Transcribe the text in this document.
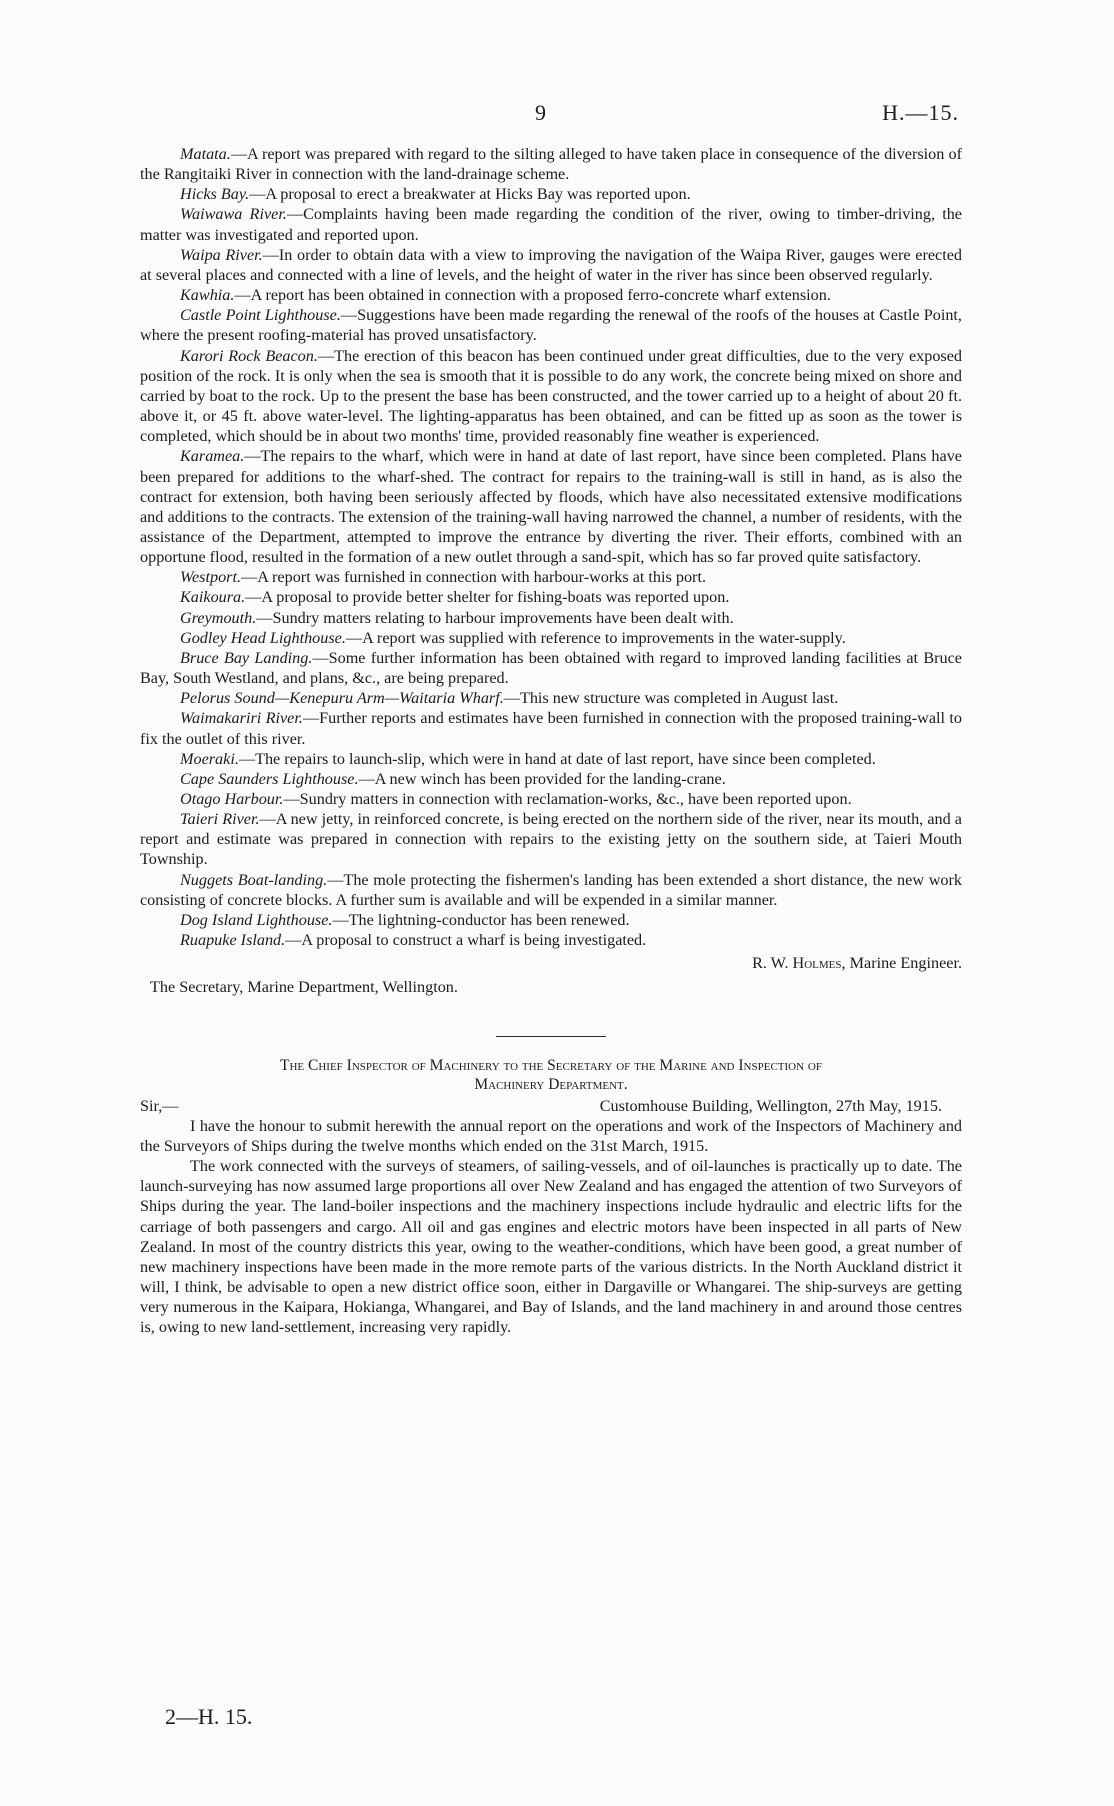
9	H.—15.

Matata.—A report was prepared with regard to the silting alleged to have taken place in consequence of the diversion of the Rangitaiki River in connection with the land-drainage scheme.

Hicks Bay.—A proposal to erect a breakwater at Hicks Bay was reported upon.

Waiwawa River.—Complaints having been made regarding the condition of the river, owing to timber-driving, the matter was investigated and reported upon.

Waipa River.—In order to obtain data with a view to improving the navigation of the Waipa River, gauges were erected at several places and connected with a line of levels, and the height of water in the river has since been observed regularly.

Kawhia.—A report has been obtained in connection with a proposed ferro-concrete wharf extension.

Castle Point Lighthouse.—Suggestions have been made regarding the renewal of the roofs of the houses at Castle Point, where the present roofing-material has proved unsatisfactory.

Karori Rock Beacon.—The erection of this beacon has been continued under great difficulties, due to the very exposed position of the rock. It is only when the sea is smooth that it is possible to do any work, the concrete being mixed on shore and carried by boat to the rock. Up to the present the base has been constructed, and the tower carried up to a height of about 20 ft. above it, or 45 ft. above water-level. The lighting-apparatus has been obtained, and can be fitted up as soon as the tower is completed, which should be in about two months' time, provided reasonably fine weather is experienced.

Karamea.—The repairs to the wharf, which were in hand at date of last report, have since been completed. Plans have been prepared for additions to the wharf-shed. The contract for repairs to the training-wall is still in hand, as is also the contract for extension, both having been seriously affected by floods, which have also necessitated extensive modifications and additions to the contracts. The extension of the training-wall having narrowed the channel, a number of residents, with the assistance of the Department, attempted to improve the entrance by diverting the river. Their efforts, combined with an opportune flood, resulted in the formation of a new outlet through a sand-spit, which has so far proved quite satisfactory.

Westport.—A report was furnished in connection with harbour-works at this port.

Kaikoura.—A proposal to provide better shelter for fishing-boats was reported upon.

Greymouth.—Sundry matters relating to harbour improvements have been dealt with.

Godley Head Lighthouse.—A report was supplied with reference to improvements in the water-supply.

Bruce Bay Landing.—Some further information has been obtained with regard to improved landing facilities at Bruce Bay, South Westland, and plans, &c., are being prepared.

Pelorus Sound—Kenepuru Arm—Waitaria Wharf.—This new structure was completed in August last.

Waimakariri River.—Further reports and estimates have been furnished in connection with the proposed training-wall to fix the outlet of this river.

Moeraki.—The repairs to launch-slip, which were in hand at date of last report, have since been completed.

Cape Saunders Lighthouse.—A new winch has been provided for the landing-crane.

Otago Harbour.—Sundry matters in connection with reclamation-works, &c., have been reported upon.

Taieri River.—A new jetty, in reinforced concrete, is being erected on the northern side of the river, near its mouth, and a report and estimate was prepared in connection with repairs to the existing jetty on the southern side, at Taieri Mouth Township.

Nuggets Boat-landing.—The mole protecting the fishermen's landing has been extended a short distance, the new work consisting of concrete blocks. A further sum is available and will be expended in a similar manner.

Dog Island Lighthouse.—The lightning-conductor has been renewed.

Ruapuke Island.—A proposal to construct a wharf is being investigated.

R. W. Holmes, Marine Engineer.

The Secretary, Marine Department, Wellington.

The Chief Inspector of Machinery to the Secretary of the Marine and Inspection of
Machinery Department.
Sir,—	Customhouse Building, Wellington, 27th May, 1915.

I have the honour to submit herewith the annual report on the operations and work of the Inspectors of Machinery and the Surveyors of Ships during the twelve months which ended on the 31st March, 1915.

The work connected with the surveys of steamers, of sailing-vessels, and of oil-launches is practically up to date. The launch-surveying has now assumed large proportions all over New Zealand and has engaged the attention of two Surveyors of Ships during the year. The land-boiler inspections and the machinery inspections include hydraulic and electric lifts for the carriage of both passengers and cargo. All oil and gas engines and electric motors have been inspected in all parts of New Zealand. In most of the country districts this year, owing to the weather-conditions, which have been good, a great number of new machinery inspections have been made in the more remote parts of the various districts. In the North Auckland district it will, I think, be advisable to open a new district office soon, either in Dargaville or Whangarei. The ship-surveys are getting very numerous in the Kaipara, Hokianga, Whangarei, and Bay of Islands, and the land machinery in and around those centres is, owing to new land-settlement, increasing very rapidly.

2—H. 15.
